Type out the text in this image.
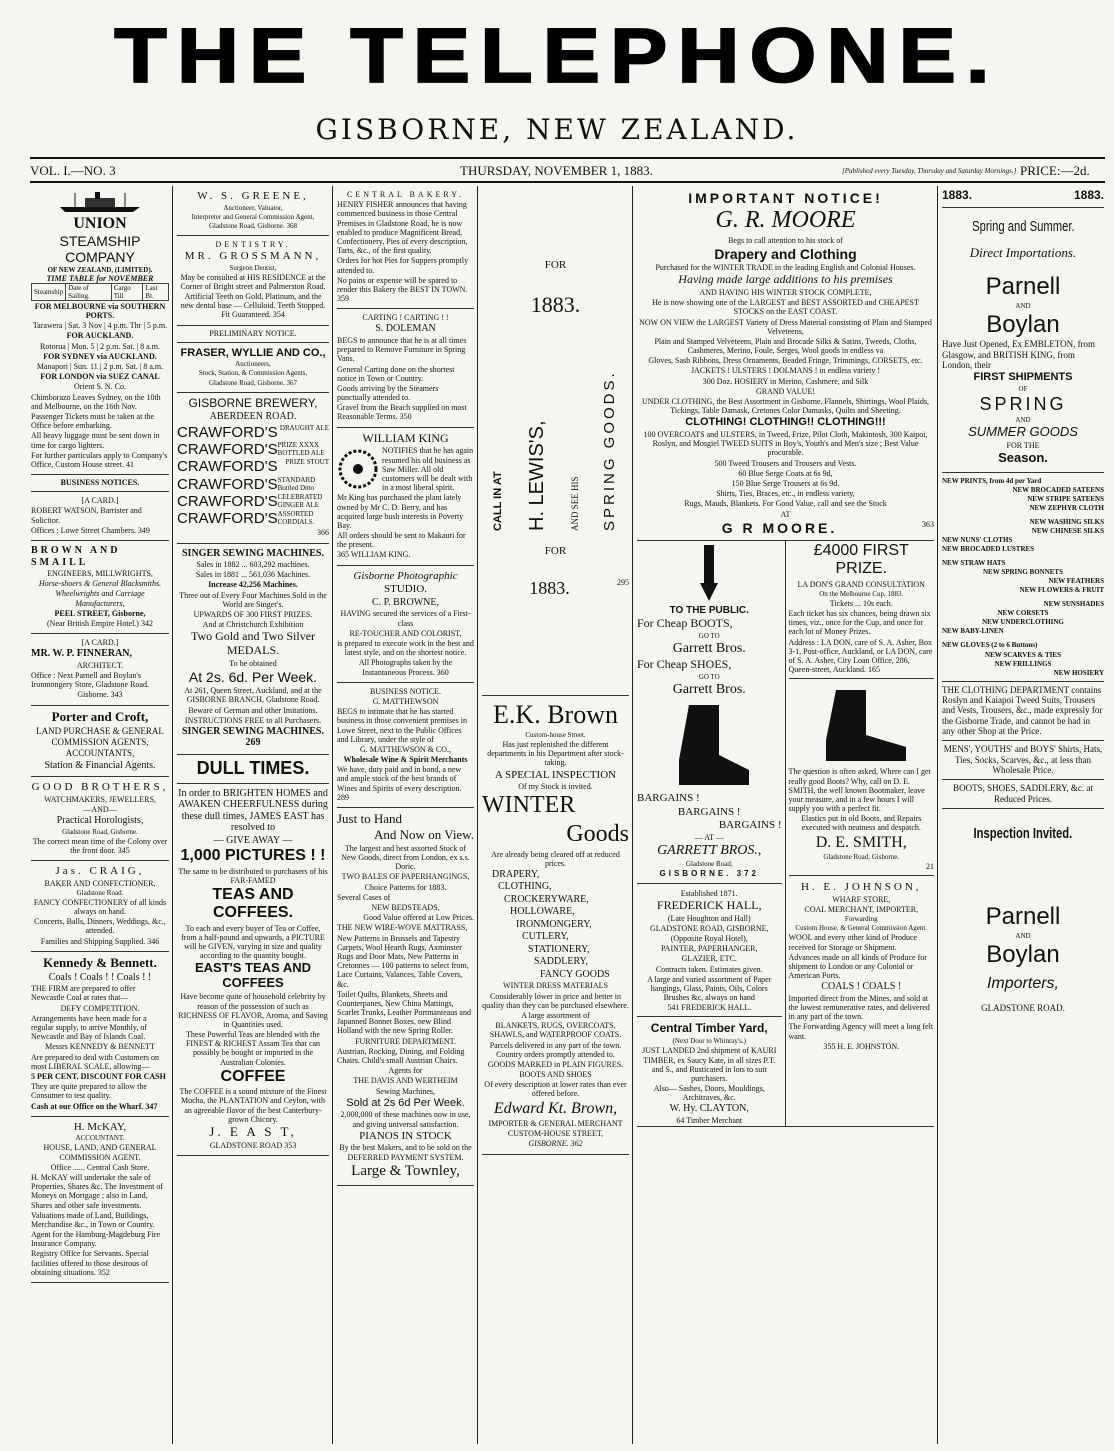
THE TELEPHONE.
GISBORNE, NEW ZEALAND.
VOL. I.—NO. 3	THURSDAY, NOVEMBER 1, 1883.	[Published every Tuesday, Thursday and Saturday Mornings.] PRICE:—2d.
UNION
STEAMSHIP COMPANY
OF NEW ZEALAND, (LIMITED).
TIME TABLE for NOVEMBER
Steamship	Date of Sailing.	Cargo Till	Last Bt.

FOR MELBOURNE via SOUTHERN PORTS.

Tarawera | Sat. 3 Nov | 4 p.m. Thr | 5 p.m.

FOR AUCKLAND.

Rotorua | Mon. 5 | 2 p.m. Sat. | 8 a.m.

FOR SYDNEY via AUCKLAND.

Manapori | Sun. 11 | 2 p.m. Sat. | 8 a.m.

FOR LONDON via SUEZ CANAL

Orient S. N. Co.

Chimborazo Leaves Sydney, on the 10th and Melbourne, on the 16th Nov.

Passenger Tickets must be taken at the Office before embarking.

All heavy luggage must be sent down in time for cargo lighters.

For further particulars apply to Company's Office, Custom House street. 41

BUSINESS NOTICES.

[A CARD.]

ROBERT WATSON, Barrister and Solicitor.

Offices : Lowe Street Chambers. 349

BROWN AND SMAILL

ENGINEERS, MILLWRIGHTS,

Horse-shoers & General Blacksmiths.

Wheelwrights and Carriage Manufacturers,

PEEL STREET, Gisborne,

(Near British Empire Hotel.) 342

[A CARD.]

MR. W. P. FINNERAN,

ARCHITECT.

Office : Next Parnell and Boylan's Ironmongery Store, Gladstone Road.

Gisborne. 343

Porter and Croft,

LAND PURCHASE & GENERAL

COMMISSION AGENTS,

ACCOUNTANTS,

Station & Financial Agents.

GOOD BROTHERS,

WATCHMAKERS, JEWELLERS,

—AND—

Practical Horologists,

Gladstone Road, Gisborne.

The correct mean time of the Colony over the front door. 345

Jas. CRAIG,

BAKER AND CONFECTIONER,

Gladstone Road.

FANCY CONFECTIONERY of all kinds always on hand.

Concerts, Balls, Dinners, Weddings, &c., attended.

Families and Shipping Supplied. 346

Kennedy & Bennett.

Coals ! Coals ! ! Coals ! !

THE FIRM are prepared to offer Newcastle Coal at rates that—

DEFY COMPETITION.

Arrangements have been made for a regular supply, to arrive Monthly, of Newcastle and Bay of Islands Coal.

Messrs KENNEDY & BENNETT

Are prepared to deal with Customers on most LIBERAL SCALE, allowing—

5 PER CENT. DISCOUNT FOR CASH

They are quite prepared to allow the Consumer to test quality.

Cash at our Office on the Wharf. 347

H. McKAY,

ACCOUNTANT.

HOUSE, LAND, AND GENERAL COMMISSION AGENT.

Office ...... Central Cash Store.

H. McKAY will undertake the sale of Properties, Shares &c. The Investment of Moneys on Mortgage ; also in Land, Shares and other safe investments.

Valuations made of Land, Buildings, Merchandise &c., in Town or Country.

Agent for the Hamburg-Magdeburg Fire Insurance Company.

Registry Office for Servants. Special facilities offered to those desirous of obtaining situations. 352

W. S. GREENE,

Auctioneer, Valuator,

Interpreter and General Commission Agent,

Gladstone Road, Gisborne. 368

DENTISTRY.

MR. GROSSMANN,

Surgeon Dentist,

May be consulted at HIS RESIDENCE at the Corner of Bright street and Palmerston Road.

Artificial Teeth on Gold, Platinum, and the new dental base — Celluloid. Teeth Stopped. Fit Guaranteed. 354

PRELIMINARY NOTICE.

FRASER, WYLLIE AND CO.,

Auctioneers,

Stock, Station, & Commission Agents,

Gladstone Road, Gisborne. 367

GISBORNE BREWERY,

ABERDEEN ROAD.

CRAWFORD'S DRAUGHT ALE
CRAWFORD'S PRIZE XXXX BOTTLED ALE
CRAWFORD'S PRIZE STOUT
CRAWFORD'S STANDARD Bottled Ditto
CRAWFORD'S CELEBRATED GINGER ALE
CRAWFORD'S ASSORTED CORDIALS.

366

SINGER SEWING MACHINES.

Sales in 1882 ... 603,292 machines.

Sales in 1881 ... 561,036 Machines.

Increase 42,256 Machines.

Three out of Every Four Machines Sold in the World are Singer's.

UPWARDS OF 300 FIRST PRIZES.

And at Christchurch Exhibition

Two Gold and Two Silver MEDALS.

To be obtained

At 2s. 6d. Per Week.

At 261, Queen Street, Auckland, and at the GISBORNE BRANCH, Gladstone Road.

Beware of German and other Imitations.

INSTRUCTIONS FREE to all Purchasers.

SINGER SEWING MACHINES. 269

DULL TIMES.

In order to BRIGHTEN HOMES and AWAKEN CHEERFULNESS during these dull times, JAMES EAST has resolved to

— GIVE AWAY —

1,000 PICTURES ! !

The same to be distributed to purchasers of his FAR-FAMED

TEAS AND COFFEES.

To each and every buyer of Tea or Coffee, from a half-pound and upwards, a PICTURE will be GIVEN, varying in size and quality according to the quantity bought.

EAST'S TEAS AND COFFEES

Have become quite of household celebrity by reason of the possession of such as RICHNESS OF FLAVOR, Aroma, and Saving in Quantities used.

These Powerful Teas are blended with the FINEST & RICHEST Assam Tea that can possibly be bought or imported in the Australian Colonies.

COFFEE

The COFFEE is a sound mixture of the Finest Mocha, the PLANTATION and Ceylon, with an agreeable flavor of the best Canterbury-grown Chicory.

J. E A S T,

GLADSTONE ROAD 353

CENTRAL BAKERY.

HENRY FISHER announces that having commenced business in those Central Premises in Gladstone Road, he is now enabled to produce Magnificent Bread, Confectionery, Pies of every description, Tarts, &c., of the first quality.

Orders for hot Pies for Suppers promptly attended to.

No pains or expense will be spared to render this Bakery the BEST IN TOWN. 359

CARTING ! CARTING ! !

S. DOLEMAN

BEGS to announce that he is at all times prepared to Remove Furniture in Spring Vans.

General Carting done on the shortest notice in Town or Country.

Goods arriving by the Steamers punctually attended to.

Gravel from the Beach supplied on most Reasonable Terms. 350

WILLIAM KING

NOTIFIES that he has again resumed his old business as Saw Miller. All old customers will be dealt with in a most liberal spirit.

Mr King has purchased the plant lately owned by Mr C. D. Berry, and has acquired large bush interests in Poverty Bay.

All orders should be sent to Makauri for the present.

365 WILLIAM KING.

Gisborne Photographic

STUDIO.

C. P. BROWNE,

HAVING secured the services of a First-class

RE-TOUCHER AND COLORIST,

is prepared to execute work in the best and latest style, and on the shortest notice.

All Photographs taken by the Instantaneous Process. 360

BUSINESS NOTICE.

G. MATTHEWSON

BEGS to intimate that he has started business in those convenient premises in Lowe Street, next to the Public Offices and Library, under the style of

G. MATTHEWSON & CO.,

Wholesale Wine & Spirit Merchants

We have, duty paid and in bond, a new and ample stock of the best brands of Wines and Spirits of every description. 289

Just to Hand

And Now on View.

The largest and best assorted Stock of New Goods, direct from London, ex s.s. Doric.

TWO BALES OF PAPERHANGINGS,

Choice Patterns for 1883.

Several Cases of

NEW BEDSTEADS,

Good Value offered at Low Prices.

THE NEW WIRE-WOVE MATTRASS,

New Patterns in Brussels and Tapestry Carpets, Wool Hearth Rugs, Axminster Rugs and Door Mats, New Patterns in Cretonnes — 100 patterns to select from, Lace Curtains, Valances, Table Covers, &c.

Toilet Quilts, Blankets, Sheets and Counterpanes, New China Mattings, Scarlet Trunks, Leather Portmanteaus and Japanned Bonnet Boxes, new Blind Holland with the new Spring Roller.

FURNITURE DEPARTMENT.

Austrian, Rocking, Dining, and Folding Chairs. Child's small Austrian Chairs.

Agents for

THE DAVIS AND WERTHEIM

Sewing Machines,

Sold at 2s 6d Per Week.

2,000,000 of these machines now in use, and giving universal satisfaction.

PIANOS IN STOCK

By the best Makers, and to be sold on the DEFERRED PAYMENT SYSTEM.

Large & Townley,

FOR

1883.

CALL IN AT H. LEWIS'S, AND SEE HIS SPRING GOODS.

FOR

1883.	295

E.K. Brown

Custom-house Street.

Has just replenished the different departments in his Department after stock-taking.

A SPECIAL INSPECTION

Of my Stock is invited.

WINTER

Goods

Are already being cleared off at reduced prices.

DRAPERY,

CLOTHING,

CROCKERYWARE,

HOLLOWARE,

IRONMONGERY,

CUTLERY,

STATIONERY,

SADDLERY,

FANCY GOODS

WINTER DRESS MATERIALS

Considerably lower in price and better in quality than they can be purchased elsewhere.

A large assortment of

BLANKETS, RUGS, OVERCOATS, SHAWLS, and WATERPROOF COATS.

Parcels delivered in any part of the town. Country orders promptly attended to.

GOODS MARKED in PLAIN FIGURES.

BOOTS AND SHOES

Of every description at lower rates than ever offered before.

Edward Kt. Brown,

IMPORTER & GENERAL MERCHANT

CUSTOM-HOUSE STREET,

GISBORNE. 362

IMPORTANT NOTICE!

G. R. MOORE

Begs to call attention to his stock of

Drapery and Clothing

Purchased for the WINTER TRADE in the leading English and Colonial Houses.

Having made large additions to his premises

AND HAVING HIS WINTER STOCK COMPLETE,

He is now showing one of the LARGEST and BEST ASSORTED and CHEAPEST STOCKS on the EAST COAST.

NOW ON VIEW the LARGEST Variety of Dress Material consisting of Plain and Stamped Velveteens,

Plain and Stamped Velveteens, Plain and Brocade Silks & Satins, Tweeds, Cloths, Cashmeres, Merino, Foule, Serges, Wool goods in endless va

Gloves, Sash Ribbons, Dress Ornaments, Beaded Fringe, Trimmings, CORSETS, etc.

JACKETS ! ULSTERS ! DOLMANS ! in endless variety !

300 Doz. HOSIERY in Merino, Cashmere, and Silk

GRAND VALUE!

UNDER CLOTHING, the Best Assortment in Gisborne. Flannels, Shirtings, Wool Plaids, Tickings, Table Damask, Cretones Color Damasks, Quilts and Sheeting.

CLOTHING! CLOTHING!! CLOTHING!!!

100 OVERCOATS and ULSTERS, in Tweed, Frize, Pilot Cloth, Makintosh, 300 Kaipoi, Roslyn, and Mosgiel TWEED SUITS in Boy's, Youth's and Men's size ; Best Value procurable.

500 Tweed Trousers and Trousers and Vests.

60 Blue Serge Coats at 6s 9d,

150 Blue Serge Trousers at 6s 9d.

Shirts, Ties, Braces, etc., in endless variety,

Rugs, Mauds, Blankets. For Good Value, call and see the Stock

AT

G R MOORE.	363

TO THE PUBLIC.

For Cheap BOOTS,

GO TO

Garrett Bros.

For Cheap SHOES,

GO TO

Garrett Bros.

BARGAINS !

BARGAINS !

BARGAINS !

— AT —

GARRETT BROS.,

Gladstone Road,

GISBORNE. 372

Established 1871.

FREDERICK HALL,

(Late Houghton and Hall)

GLADSTONE ROAD, GISBORNE,

(Opposite Royal Hotel),

PAINTER, PAPERHANGER,

GLAZIER, ETC.

Contracts taken. Estimates given.

A large and varied assortment of Paper hangings, Glass, Paints, Oils, Colors Brushes &c, always on hand

541 FREDERICK HALL.

Central Timber Yard,

(Next Door to Whinray's.)

JUST LANDED 2nd shipment of KAURI TIMBER, ex Saucy Kate, in all sizes P.T. and S., and Rusticated in lots to suit purchasers.

Also— Sashes, Doors, Mouldings, Architraves, &c.

W. Hy. CLAYTON,

64 Timber Merchant

£4000 FIRST PRIZE.

LA DON'S GRAND CONSULTATION

On the Melbourne Cup, 1883.

Tickets ... 10s each.

Each ticket has six chances, being drawn six times, viz., once for the Cup, and once for each lot of Money Prizes.

Address : LA DON, care of S. A. Asher, Box 3-1, Post-office, Auckland, or LA DON, care of S. A. Asher, City Loan Office, 286, Queen-street, Auckland. 165

The question is often asked, Where can I get really good Boots? Why, call on D. E. SMITH, the well known Bootmaker, leave your measure, and in a few hours I will supply you with a perfect fit.

Elastics put in old Boots, and Repairs executed with neatness and despatch.

D. E. SMITH,

Gladstone Road, Gisborne.

21

H. E. JOHNSON,

WHARF STORE,

COAL MERCHANT, IMPORTER,

Forwarding

Custom House, & General Commission Agent.

WOOL and every other kind of Produce received for Storage or Shipment.

Advances made on all kinds of Produce for shipment to London or any Colonial or American Ports.

COALS ! COALS !

Imported direct from the Mines, and sold at the lowest remunerative rates, and delivered in any part of the town.

The Forwarding Agency will meet a long felt want.

355 H. E. JOHNSTON.

1883.	1883.

Spring and Summer.

Direct Importations.

Parnell

AND

Boylan

Have Just Opened, Ex EMBLETON, from Glasgow, and BRITISH KING, from London, their

FIRST SHIPMENTS

OF

SPRING

AND

SUMMER GOODS

FOR THE

Season.

NEW PRINTS, from 4d per Yard

NEW BROCADED SATEENS

NEW STRIPE SATEENS

NEW ZEPHYR CLOTH

NEW WASHING SILKS

NEW CHINESE SILKS

NEW NUNS' CLOTHS

NEW BROCADED LUSTRES

NEW STRAW HATS

NEW SPRING BONNETS

NEW FEATHERS

NEW FLOWERS & FRUIT

NEW SUNSHADES

NEW CORSETS

NEW UNDERCLOTHING

NEW BABY-LINEN

NEW GLOVES (2 to 6 Buttons)

NEW SCARVES & TIES

NEW FRILLINGS

NEW HOSIERY

THE CLOTHING DEPARTMENT contains Roslyn and Kaiapoi Tweed Suits, Trousers and Vests, Trousers, &c., made expressly for the Gisborne Trade, and cannot be had in any other Shop at the Price.
MENS', YOUTHS' and BOYS' Shirts, Hats, Ties, Socks, Scarves, &c., at less than Wholesale Price.
BOOTS, SHOES, SADDLERY, &c. at Reduced Prices.

Inspection Invited.

Parnell

AND

Boylan

Importers,

GLADSTONE ROAD.
